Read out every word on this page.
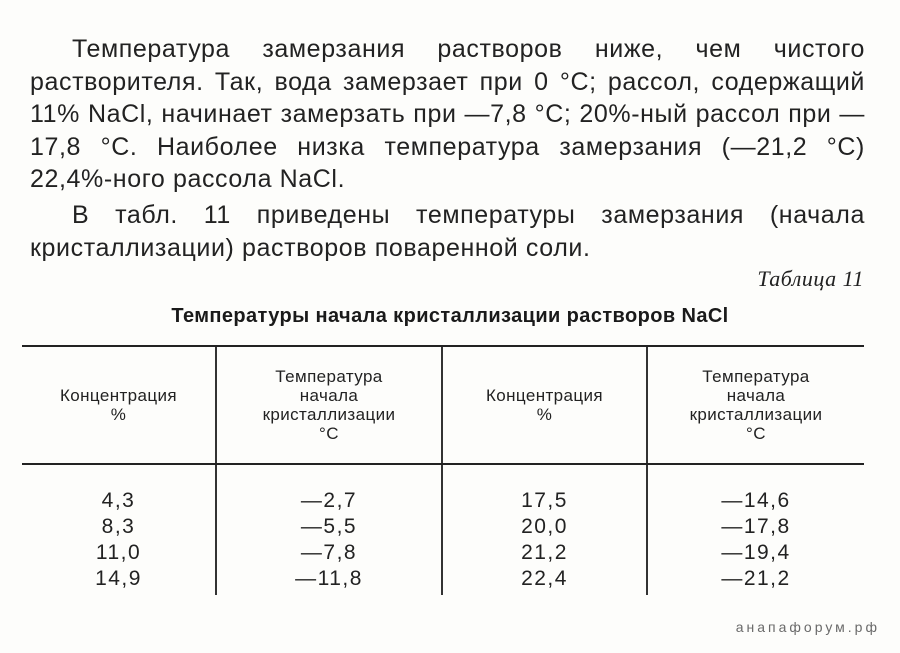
Температура замерзания растворов ниже, чем чистого растворителя. Так, вода замерзает при 0 °C; рассол, содержащий 11% NaCl, начинает замерзать при —7,8 °C; 20%-ный рассол при —17,8 °C. Наиболее низка температура замерзания (—21,2 °C) 22,4%-ного рассола NaCl.

В табл. 11 приведены температуры замерзания (начала кристаллизации) растворов поваренной соли.

Таблица 11
Температуры начала кристаллизации растворов NaCl
Концентрация
%
Температура
начала
кристаллизации
°C
Концентрация
%
Температура
начала
кристаллизации
°C
4,3
8,3
11,0
14,9
—2,7
—5,5
—7,8
—11,8
17,5
20,0
21,2
22,4
—14,6
—17,8
—19,4
—21,2
анапафорум.рф
